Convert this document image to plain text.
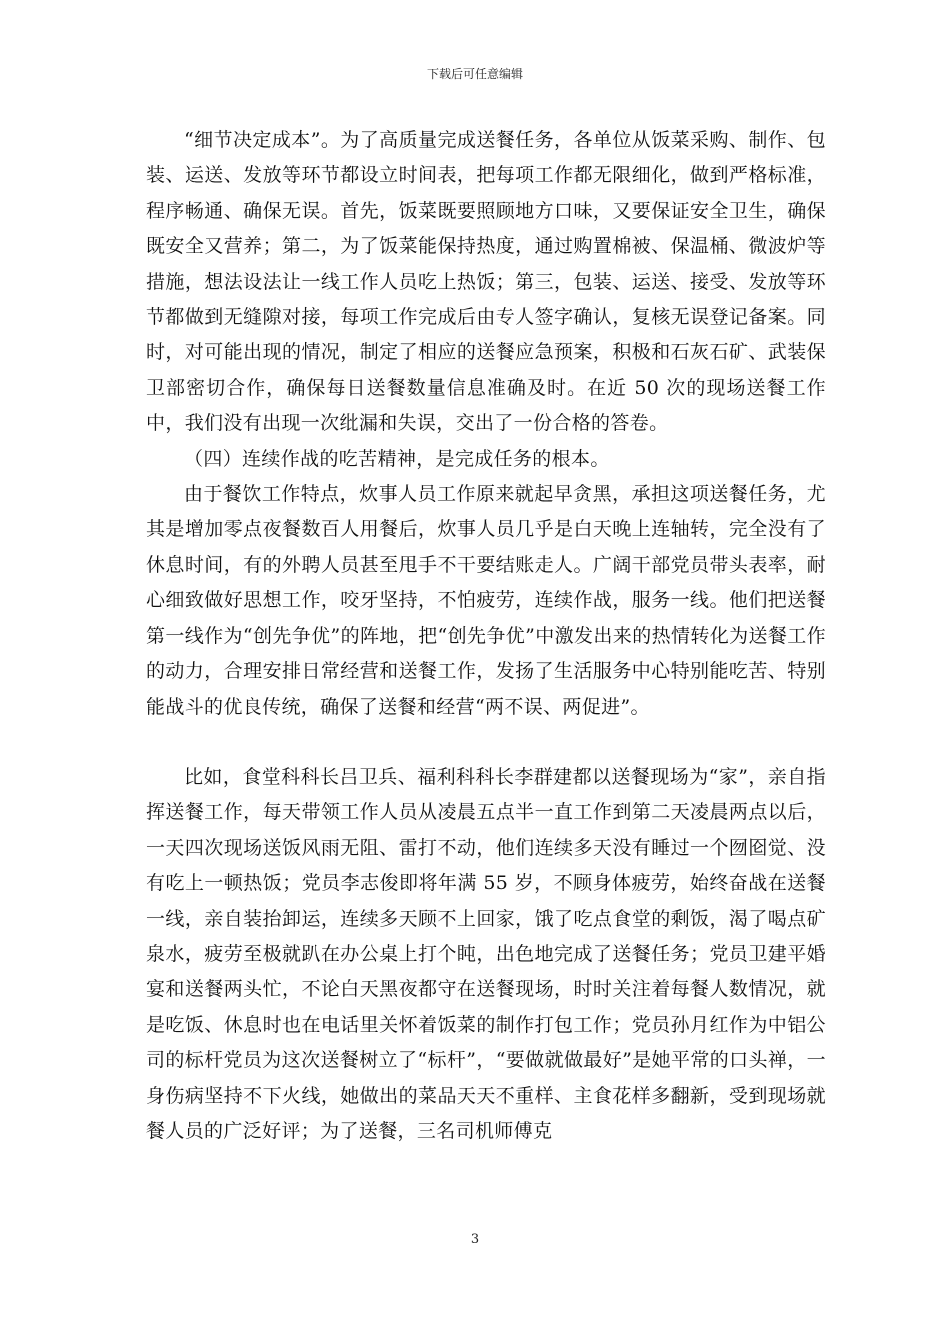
下载后可任意编辑

“细节决定成本”。为了高质量完成送餐任务，各单位从饭菜采购、制作、包装、运送、发放等环节都设立时间表，把每项工作都无限细化，做到严格标准，程序畅通、确保无误。首先，饭菜既要照顾地方口味，又要保证安全卫生，确保既安全又营养；第二，为了饭菜能保持热度，通过购置棉被、保温桶、微波炉等措施，想法设法让一线工作人员吃上热饭；第三，包装、运送、接受、发放等环节都做到无缝隙对接，每项工作完成后由专人签字确认，复核无误登记备案。同时，对可能出现的情况，制定了相应的送餐应急预案，积极和石灰石矿、武装保卫部密切合作，确保每日送餐数量信息准确及时。在近 50 次的现场送餐工作中，我们没有出现一次纰漏和失误，交出了一份合格的答卷。

（四）连续作战的吃苦精神，是完成任务的根本。

由于餐饮工作特点，炊事人员工作原来就起早贪黑，承担这项送餐任务，尤其是增加零点夜餐数百人用餐后，炊事人员几乎是白天晚上连轴转，完全没有了休息时间，有的外聘人员甚至甩手不干要结账走人。广阔干部党员带头表率，耐心细致做好思想工作，咬牙坚持，不怕疲劳，连续作战，服务一线。他们把送餐第一线作为“创先争优”的阵地，把“创先争优”中激发出来的热情转化为送餐工作的动力，合理安排日常经营和送餐工作，发扬了生活服务中心特别能吃苦、特别能战斗的优良传统，确保了送餐和经营“两不误、两促进”。

比如，食堂科科长吕卫兵、福利科科长李群建都以送餐现场为“家”，亲自指挥送餐工作，每天带领工作人员从凌晨五点半一直工作到第二天凌晨两点以后，一天四次现场送饭风雨无阻、雷打不动，他们连续多天没有睡过一个囫囵觉、没有吃上一顿热饭；党员李志俊即将年满 55 岁，不顾身体疲劳，始终奋战在送餐一线，亲自装抬卸运，连续多天顾不上回家，饿了吃点食堂的剩饭，渴了喝点矿泉水，疲劳至极就趴在办公桌上打个盹，出色地完成了送餐任务；党员卫建平婚宴和送餐两头忙，不论白天黑夜都守在送餐现场，时时关注着每餐人数情况，就是吃饭、休息时也在电话里关怀着饭菜的制作打包工作；党员孙月红作为中铝公司的标杆党员为这次送餐树立了“标杆”，“要做就做最好”是她平常的口头禅，一身伤病坚持不下火线，她做出的菜品天天不重样、主食花样多翻新，受到现场就餐人员的广泛好评；为了送餐，三名司机师傅克

3
